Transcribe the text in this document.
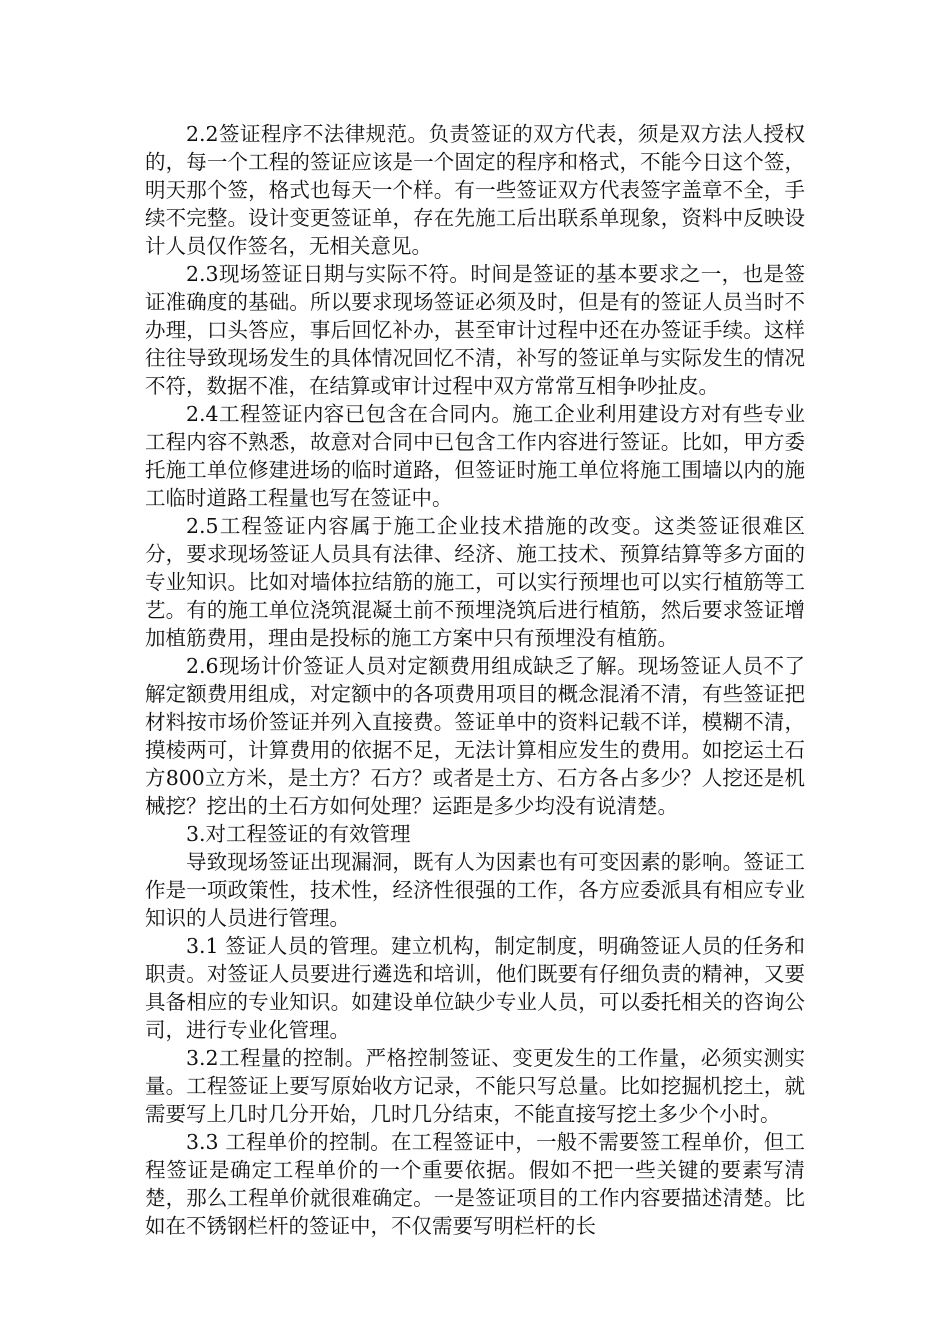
2.2签证程序不法律规范。负责签证的双方代表，须是双方法人授权的，每一个工程的签证应该是一个固定的程序和格式，不能今日这个签，明天那个签，格式也每天一个样。有一些签证双方代表签字盖章不全，手续不完整。设计变更签证单，存在先施工后出联系单现象，资料中反映设计人员仅作签名，无相关意见。

2.3现场签证日期与实际不符。时间是签证的基本要求之一，也是签证准确度的基础。所以要求现场签证必须及时，但是有的签证人员当时不办理，口头答应，事后回忆补办，甚至审计过程中还在办签证手续。这样往往导致现场发生的具体情况回忆不清，补写的签证单与实际发生的情况不符，数据不准，在结算或审计过程中双方常常互相争吵扯皮。

2.4工程签证内容已包含在合同内。施工企业利用建设方对有些专业工程内容不熟悉，故意对合同中已包含工作内容进行签证。比如，甲方委托施工单位修建进场的临时道路，但签证时施工单位将施工围墙以内的施工临时道路工程量也写在签证中。

2.5工程签证内容属于施工企业技术措施的改变。这类签证很难区分，要求现场签证人员具有法律、经济、施工技术、预算结算等多方面的专业知识。比如对墙体拉结筋的施工，可以实行预埋也可以实行植筋等工艺。有的施工单位浇筑混凝土前不预埋浇筑后进行植筋，然后要求签证增加植筋费用，理由是投标的施工方案中只有预埋没有植筋。

2.6现场计价签证人员对定额费用组成缺乏了解。现场签证人员不了解定额费用组成，对定额中的各项费用项目的概念混淆不清，有些签证把材料按市场价签证并列入直接费。签证单中的资料记载不详，模糊不清，摸棱两可，计算费用的依据不足，无法计算相应发生的费用。如挖运土石方800立方米，是土方？石方？或者是土方、石方各占多少？人挖还是机械挖？挖出的土石方如何处理？运距是多少均没有说清楚。

3.对工程签证的有效管理

导致现场签证出现漏洞，既有人为因素也有可变因素的影响。签证工作是一项政策性，技术性，经济性很强的工作，各方应委派具有相应专业知识的人员进行管理。

3.1 签证人员的管理。建立机构，制定制度，明确签证人员的任务和职责。对签证人员要进行遴选和培训，他们既要有仔细负责的精神，又要具备相应的专业知识。如建设单位缺少专业人员，可以委托相关的咨询公司，进行专业化管理。

3.2工程量的控制。严格控制签证、变更发生的工作量，必须实测实量。工程签证上要写原始收方记录，不能只写总量。比如挖掘机挖土，就需要写上几时几分开始，几时几分结束，不能直接写挖土多少个小时。

3.3 工程单价的控制。在工程签证中，一般不需要签工程单价，但工程签证是确定工程单价的一个重要依据。假如不把一些关键的要素写清楚，那么工程单价就很难确定。一是签证项目的工作内容要描述清楚。比如在不锈钢栏杆的签证中，不仅需要写明栏杆的长
